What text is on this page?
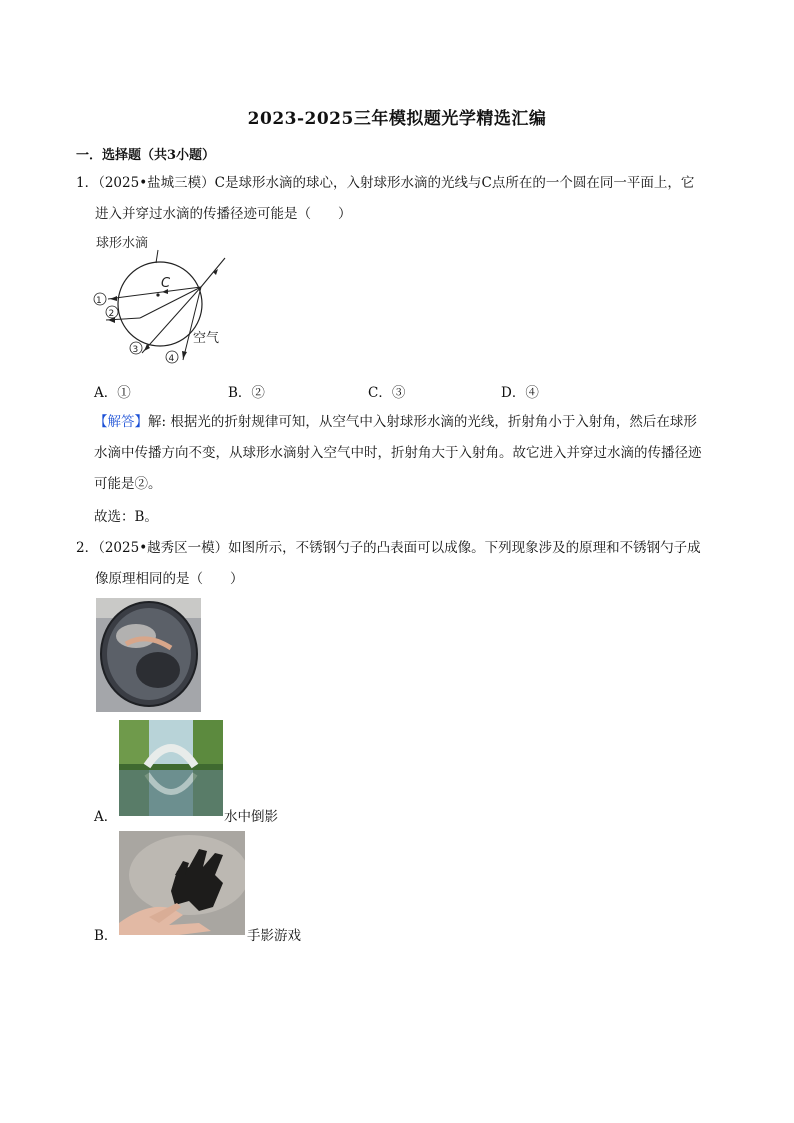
2023-2025三年模拟题光学精选汇编
一．选择题（共3小题）
1．（2025•盐城三模）C是球形水滴的球心，入射球形水滴的光线与C点所在的一个圆在同一平面上，它
进入并穿过水滴的传播径迹可能是（　　）
球形水滴
C
1
2
3
4
空气
A．①	B．②	C．③	D．④
【解答】解: 根据光的折射规律可知，从空气中入射球形水滴的光线，折射角小于入射角，然后在球形
水滴中传播方向不变，从球形水滴射入空气中时，折射角大于入射角。故它进入并穿过水滴的传播径迹
可能是②。
故选：B。
2．（2025•越秀区一模）如图所示，不锈钢勺子的凸表面可以成像。下列现象涉及的原理和不锈钢勺子成
像原理相同的是（　　）
A．	水中倒影
B．	手影游戏
